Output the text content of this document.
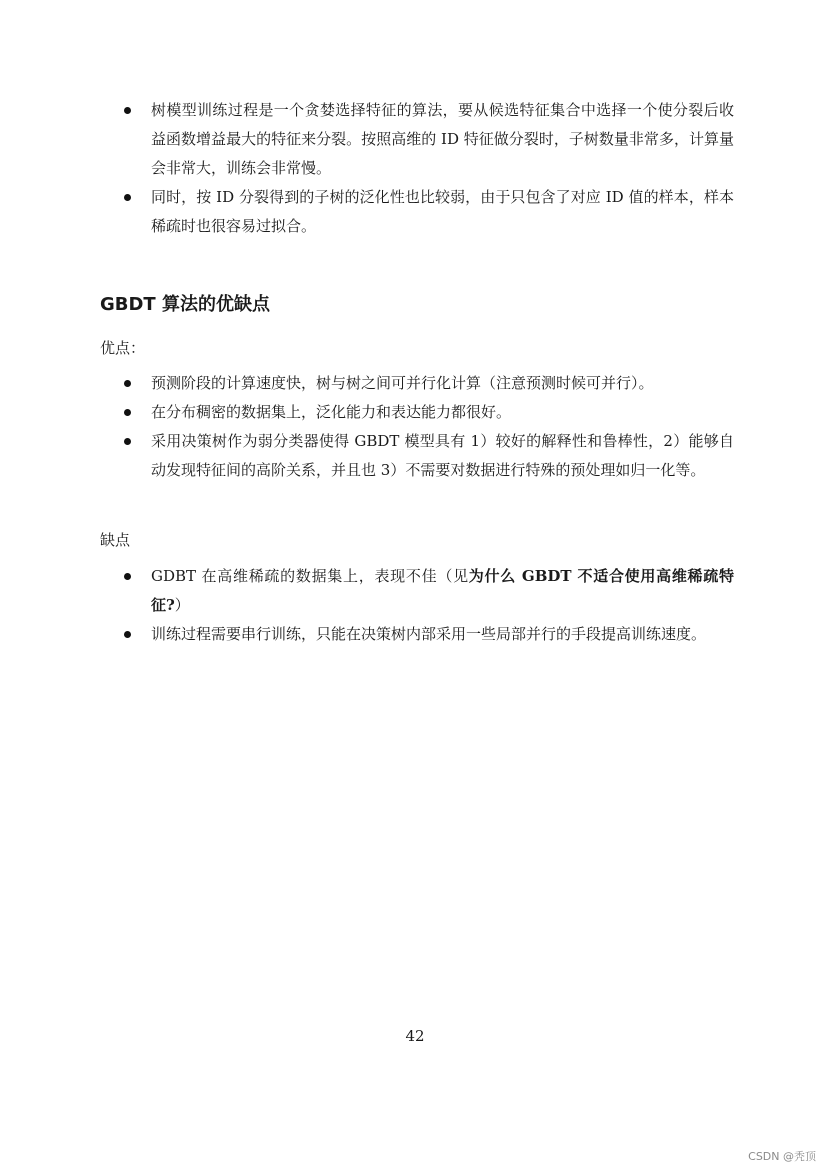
树模型训练过程是一个贪婪选择特征的算法，要从候选特征集合中选择一个使分裂后收益函数增益最大的特征来分裂。按照高维的 ID 特征做分裂时，子树数量非常多，计算量会非常大，训练会非常慢。
同时，按 ID 分裂得到的子树的泛化性也比较弱，由于只包含了对应 ID 值的样本，样本稀疏时也很容易过拟合。
GBDT 算法的优缺点
优点：
预测阶段的计算速度快，树与树之间可并行化计算（注意预测时候可并行）。
在分布稠密的数据集上，泛化能力和表达能力都很好。
采用决策树作为弱分类器使得 GBDT 模型具有 1）较好的解释性和鲁棒性，2）能够自动发现特征间的高阶关系，并且也 3）不需要对数据进行特殊的预处理如归一化等。
缺点
GDBT 在高维稀疏的数据集上，表现不佳（见为什么 GBDT 不适合使用高维稀疏特征?）
训练过程需要串行训练，只能在决策树内部采用一些局部并行的手段提高训练速度。
42
CSDN @秃顶
